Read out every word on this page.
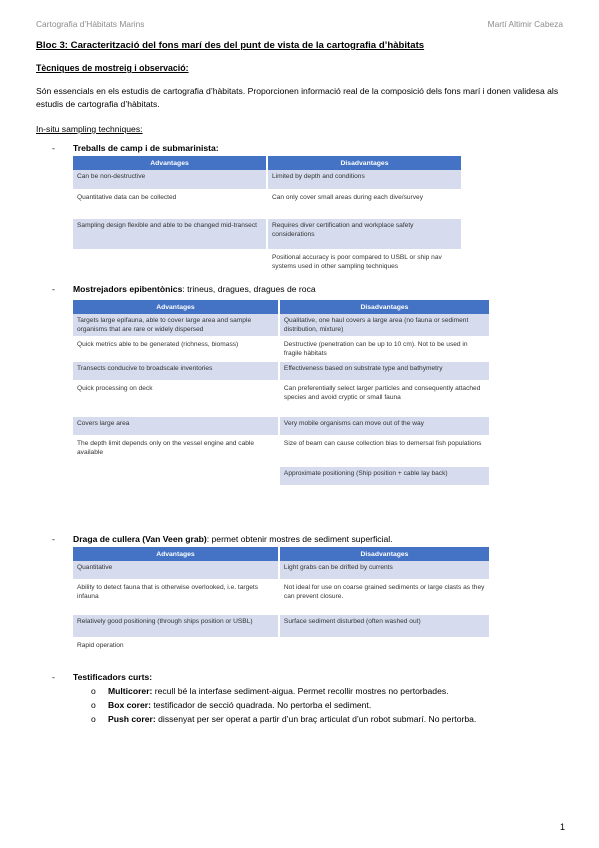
Cartografia d’Hàbitats Marins	Martí Altimir Cabeza
Bloc 3: Caracterització del fons marí des del punt de vista de la cartografia d’hàbitats
Tècniques de mostreig i observació:
Són essencials en els estudis de cartografia d’hàbitats. Proporcionen informació real de la composició dels fons marí i donen validesa als estudis de cartografia d’hàbitats.
In-situ sampling techniques:
- Treballs de camp i de submarinista:
Advantages	Disadvantages
Can be non-destructive	Limited by depth and conditions
Quantitative data can be collected	Can only cover small areas during each dive/survey
Sampling design flexible and able to be changed mid-transect	Requires diver certification and workplace safety considerations
	Positional accuracy is poor compared to USBL or ship nav systems used in other sampling techniques
- Mostrejadors epibentònics: trineus, dragues, dragues de roca
Advantages	Disadvantages
Targets large epifauna, able to cover large area and sample organisms that are rare or widely dispersed	Qualitative, one haul covers a large area (no fauna or sediment distribution, mixture)
Quick metrics able to be generated (richness, biomass)	Destructive (penetration can be up to 10 cm). Not to be used in fragile hàbitats
Transects conducive to broadscale inventories	Effectiveness based on substrate type and bathymetry
Quick processing on deck	Can preferentially select larger particles and consequently attached species and avoid cryptic or small fauna
Covers large area	Very mobile organisms can move out of the way
The depth limit depends only on the vessel engine and cable available	Size of beam can cause collection bias to demersal fish populations
	Approximate positioning (Ship position + cable lay back)
- Draga de cullera (Van Veen grab): permet obtenir mostres de sediment superficial.
Advantages	Disadvantages
Quantitative	Light grabs can be drifted by currents
Ability to detect fauna that is otherwise overlooked, i.e. targets infauna	Not ideal for use on coarse grained sediments or large clasts as they can prevent closure.
Relatively good positioning (through ships position or USBL)	Surface sediment disturbed (often washed out)
Rapid operation	
- Testificadors curts:
o Multicorer: recull bé la interfase sediment-aigua. Permet recollir mostres no pertorbades.
o Box corer: testificador de secció quadrada. No pertorba el sediment.
o Push corer: dissenyat per ser operat a partir d’un braç articulat d’un robot submarí. No pertorba.
1
